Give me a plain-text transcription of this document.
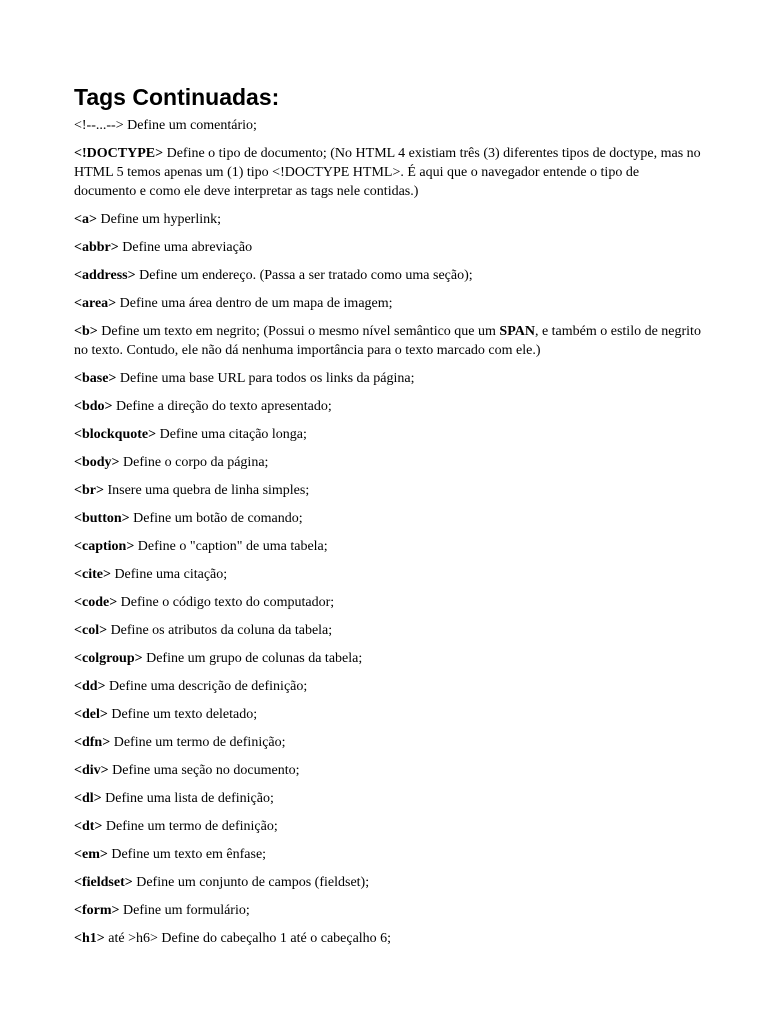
Tags Continuadas:
<!--...--> Define um comentário;
<!DOCTYPE> Define o tipo de documento; (No HTML 4 existiam três (3) diferentes tipos de doctype, mas no HTML 5 temos apenas um (1) tipo <!DOCTYPE HTML>. É aqui que o navegador entende o tipo de documento e como ele deve interpretar as tags nele contidas.)
<a> Define um hyperlink;
<abbr> Define uma abreviação
<address> Define um endereço. (Passa a ser tratado como uma seção);
<area> Define uma área dentro de um mapa de imagem;
<b> Define um texto em negrito; (Possui o mesmo nível semântico que um SPAN, e também o estilo de negrito no texto. Contudo, ele não dá nenhuma importância para o texto marcado com ele.)
<base> Define uma base URL para todos os links da página;
<bdo> Define a direção do texto apresentado;
<blockquote> Define uma citação longa;
<body> Define o corpo da página;
<br> Insere uma quebra de linha simples;
<button> Define um botão de comando;
<caption> Define o "caption" de uma tabela;
<cite> Define uma citação;
<code> Define o código texto do computador;
<col> Define os atributos da coluna da tabela;
<colgroup> Define um grupo de colunas da tabela;
<dd> Define uma descrição de definição;
<del> Define um texto deletado;
<dfn> Define um termo de definição;
<div> Define uma seção no documento;
<dl> Define uma lista de definição;
<dt> Define um termo de definição;
<em> Define um texto em ênfase;
<fieldset> Define um conjunto de campos (fieldset);
<form> Define um formulário;
<h1> até >h6> Define do cabeçalho 1 até o cabeçalho 6;
